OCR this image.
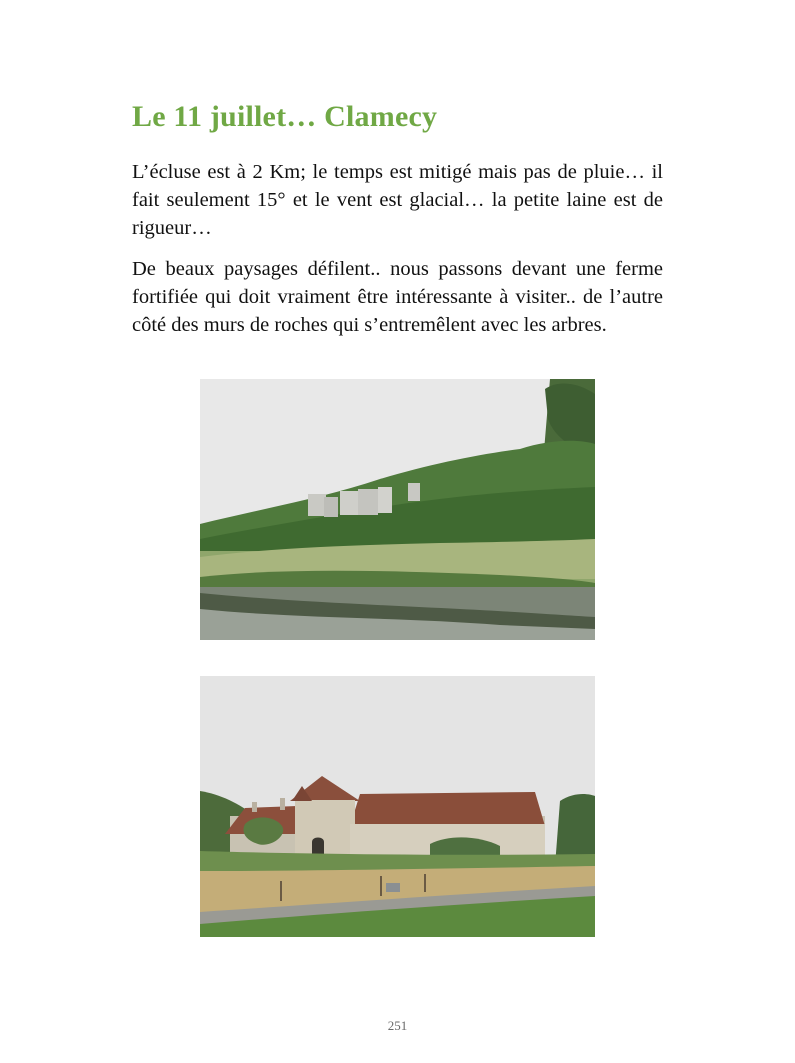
Le 11 juillet… Clamecy

L’écluse est à 2 Km; le temps est mitigé mais pas de pluie… il fait seulement 15° et le vent est glacial… la petite laine est de rigueur…

De beaux paysages défilent.. nous passons devant une ferme fortifiée qui doit vraiment être intéressante à visiter.. de l’autre côté des murs de roches qui s’entremêlent avec les arbres.

251
